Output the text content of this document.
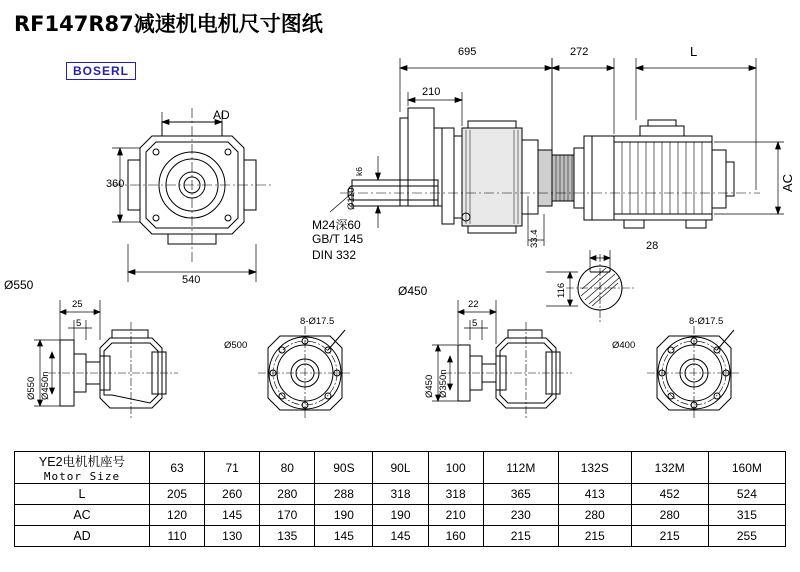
RF147R87减速机电机尺寸图纸
BOSERL
695	272	L
210
Ø110
k6
AC
33.4	28
116
M24深60
GB/T 145
DIN 332
AD
360
540
Ø550	Ø450
25
5
Ø550 Ø450n
Ø500
8-Ø17.5
22
5
Ø450 Ø350n
Ø400
8-Ø17.5
YE2电机机座号
Motor Size	63	71	80	90S	90L	100	112M	132S	132M	160M
L	205	260	280	288	318	318	365	413	452	524
AC	120	145	170	190	190	210	230	280	280	315
AD	110	130	135	145	145	160	215	215	215	255
